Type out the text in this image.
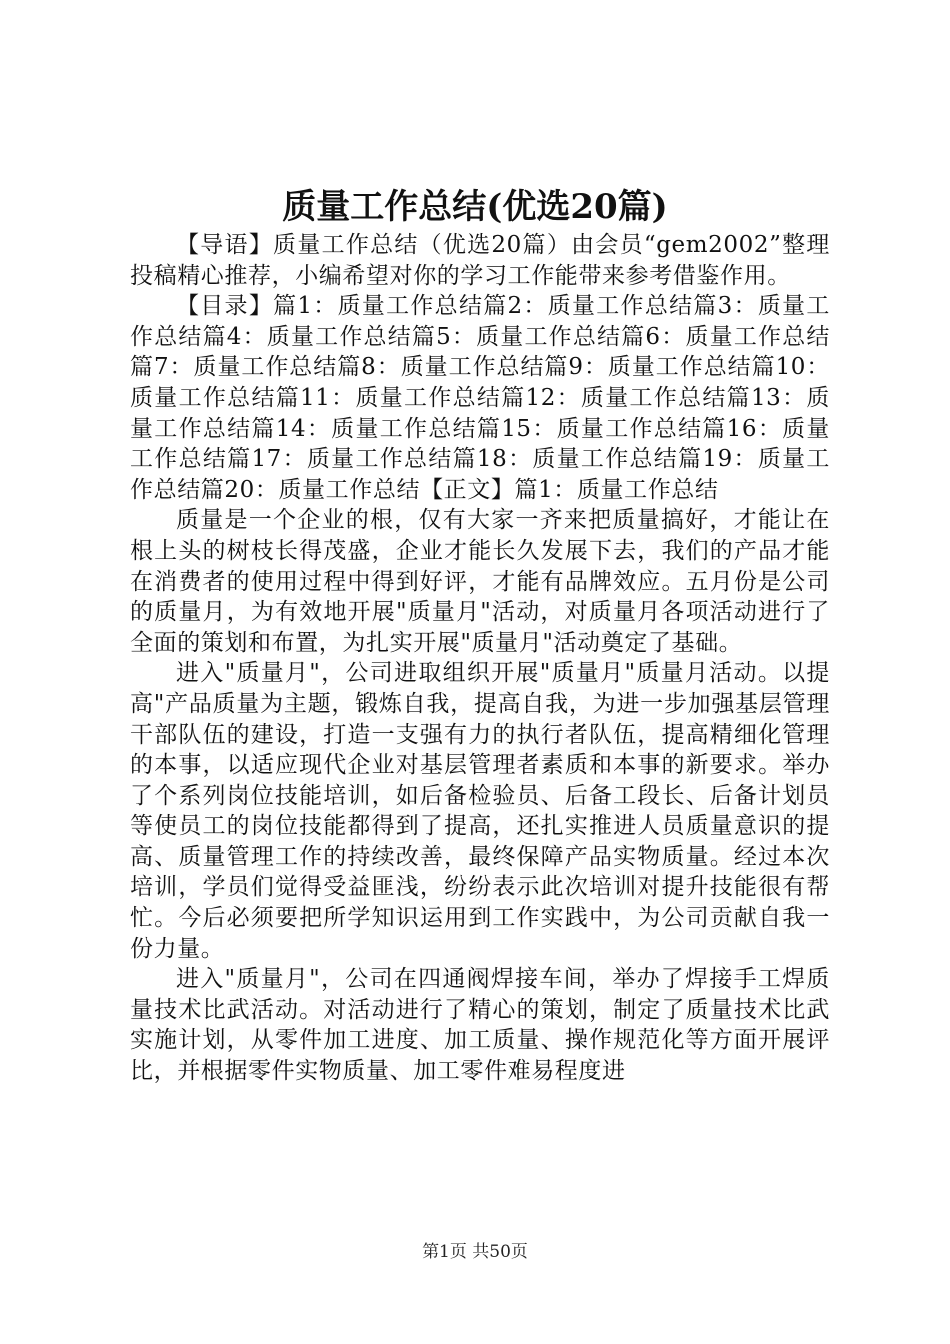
质量工作总结(优选20篇)

【导语】质量工作总结（优选20篇）由会员“gem2002”整理投稿精心推荐，小编希望对你的学习工作能带来参考借鉴作用。

【目录】篇1：质量工作总结篇2：质量工作总结篇3：质量工作总结篇4：质量工作总结篇5：质量工作总结篇6：质量工作总结篇7：质量工作总结篇8：质量工作总结篇9：质量工作总结篇10：质量工作总结篇11：质量工作总结篇12：质量工作总结篇13：质量工作总结篇14：质量工作总结篇15：质量工作总结篇16：质量工作总结篇17：质量工作总结篇18：质量工作总结篇19：质量工作总结篇20：质量工作总结【正文】篇1：质量工作总结

质量是一个企业的根，仅有大家一齐来把质量搞好，才能让在根上头的树枝长得茂盛，企业才能长久发展下去，我们的产品才能在消费者的使用过程中得到好评，才能有品牌效应。五月份是公司的质量月，为有效地开展"质量月"活动，对质量月各项活动进行了全面的策划和布置，为扎实开展"质量月"活动奠定了基础。

进入"质量月"，公司进取组织开展"质量月"质量月活动。以提高"产品质量为主题，锻炼自我，提高自我，为进一步加强基层管理干部队伍的建设，打造一支强有力的执行者队伍，提高精细化管理的本事，以适应现代企业对基层管理者素质和本事的新要求。举办了个系列岗位技能培训，如后备检验员、后备工段长、后备计划员等使员工的岗位技能都得到了提高，还扎实推进人员质量意识的提高、质量管理工作的持续改善，最终保障产品实物质量。经过本次培训，学员们觉得受益匪浅，纷纷表示此次培训对提升技能很有帮忙。今后必须要把所学知识运用到工作实践中，为公司贡献自我一份力量。

进入"质量月"，公司在四通阀焊接车间，举办了焊接手工焊质量技术比武活动。对活动进行了精心的策划，制定了质量技术比武实施计划，从零件加工进度、加工质量、操作规范化等方面开展评比，并根据零件实物质量、加工零件难易程度进

第1页 共50页
